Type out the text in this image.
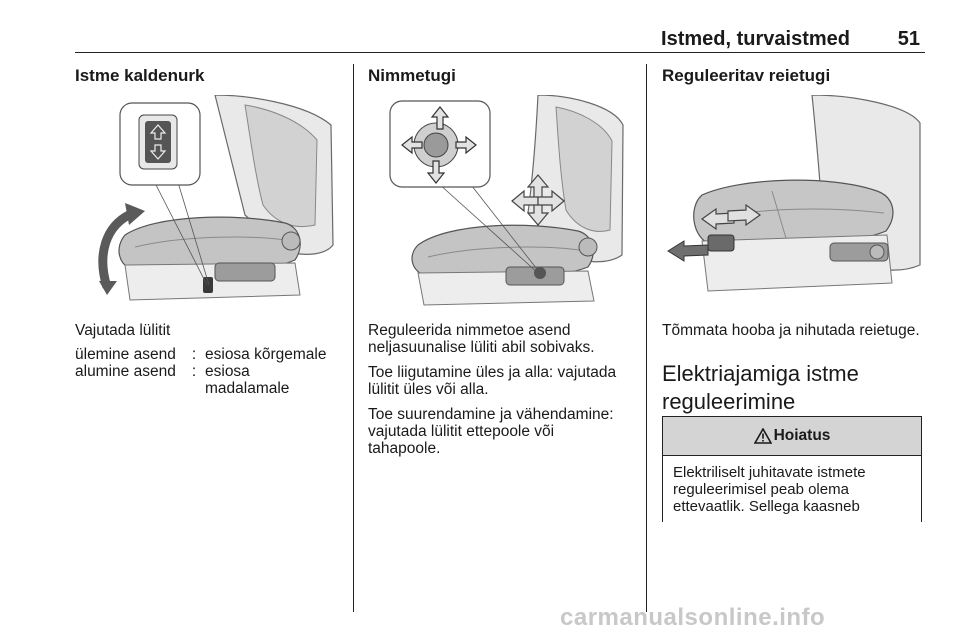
Istmed, turvaistmed	51
Istme kaldenurk
Vajutada lülitit
ülemine asend	: esiosa kõrgemale
alumine asend	: esiosa madalamale
Nimmetugi

Reguleerida nimmetoe asend neljasuunalise lüliti abil sobivaks.

Toe liigutamine üles ja alla: vajutada lülitit üles või alla.

Toe suurendamine ja vähendamine: vajutada lülitit ettepoole või tahapoole.

Reguleeritav reietugi
Tõmmata hooba ja nihutada reietuge.
Elektriajamiga istme reguleerimine
Hoiatus
Elektriliselt juhitavate istmete reguleerimisel peab olema ettevaatlik. Sellega kaasneb
carmanualsonline.info
